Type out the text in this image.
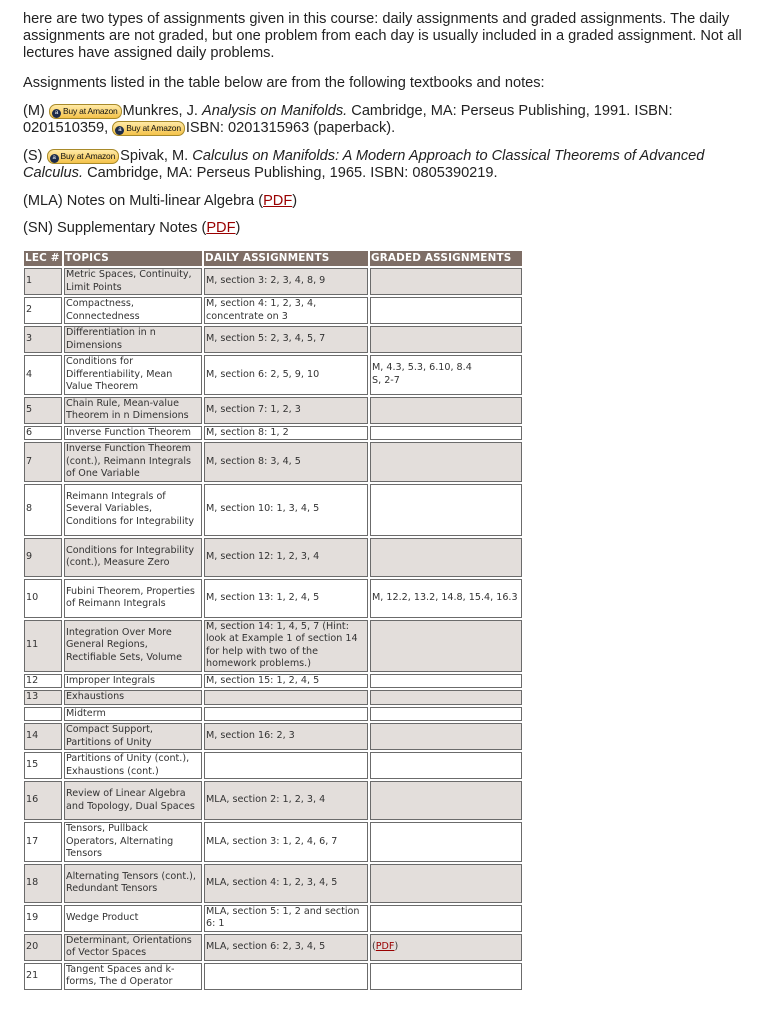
here are two types of assignments given in this course: daily assignments and graded assignments. The daily assignments are not graded, but one problem from each day is usually included in a graded assignment. Not all lectures have assigned daily problems.

Assignments listed in the table below are from the following textbooks and notes:

(M) a Buy at Amazon Munkres, J. Analysis on Manifolds. Cambridge, MA: Perseus Publishing, 1991. ISBN: 0201510359, a Buy at Amazon ISBN: 0201315963 (paperback).

(S) a Buy at Amazon Spivak, M. Calculus on Manifolds: A Modern Approach to Classical Theorems of Advanced Calculus. Cambridge, MA: Perseus Publishing, 1965. ISBN: 0805390219.

(MLA) Notes on Multi-linear Algebra (PDF)

(SN) Supplementary Notes (PDF)

LEC #	TOPICS	DAILY ASSIGNMENTS	GRADED ASSIGNMENTS
1	Metric Spaces, Continuity, Limit Points	M, section 3: 2, 3, 4, 8, 9	
2	Compactness, Connectedness	M, section 4: 1, 2, 3, 4, concentrate on 3	
3	Differentiation in n Dimensions	M, section 5: 2, 3, 4, 5, 7	
4	Conditions for Differentiability, Mean Value Theorem	M, section 6: 2, 5, 9, 10	M, 4.3, 5.3, 6.10, 8.4
S, 2-7
5	Chain Rule, Mean-value Theorem in n Dimensions	M, section 7: 1, 2, 3	
6	Inverse Function Theorem	M, section 8: 1, 2	
7	Inverse Function Theorem (cont.), Reimann Integrals of One Variable	M, section 8: 3, 4, 5	
8	Reimann Integrals of Several Variables, Conditions for Integrability	M, section 10: 1, 3, 4, 5	
9	Conditions for Integrability (cont.), Measure Zero	M, section 12: 1, 2, 3, 4	
10	Fubini Theorem, Properties of Reimann Integrals	M, section 13: 1, 2, 4, 5	M, 12.2, 13.2, 14.8, 15.4, 16.3
11	Integration Over More General Regions, Rectifiable Sets, Volume	M, section 14: 1, 4, 5, 7 (Hint: look at Example 1 of section 14 for help with two of the homework problems.)	
12	Improper Integrals	M, section 15: 1, 2, 4, 5	
13	Exhaustions		
	Midterm		
14	Compact Support, Partitions of Unity	M, section 16: 2, 3	
15	Partitions of Unity (cont.), Exhaustions (cont.)		
16	Review of Linear Algebra and Topology, Dual Spaces	MLA, section 2: 1, 2, 3, 4	
17	Tensors, Pullback Operators, Alternating Tensors	MLA, section 3: 1, 2, 4, 6, 7	
18	Alternating Tensors (cont.), Redundant Tensors	MLA, section 4: 1, 2, 3, 4, 5	
19	Wedge Product	MLA, section 5: 1, 2 and section 6: 1	
20	Determinant, Orientations of Vector Spaces	MLA, section 6: 2, 3, 4, 5	(PDF)
21	Tangent Spaces and k-forms, The d Operator		
